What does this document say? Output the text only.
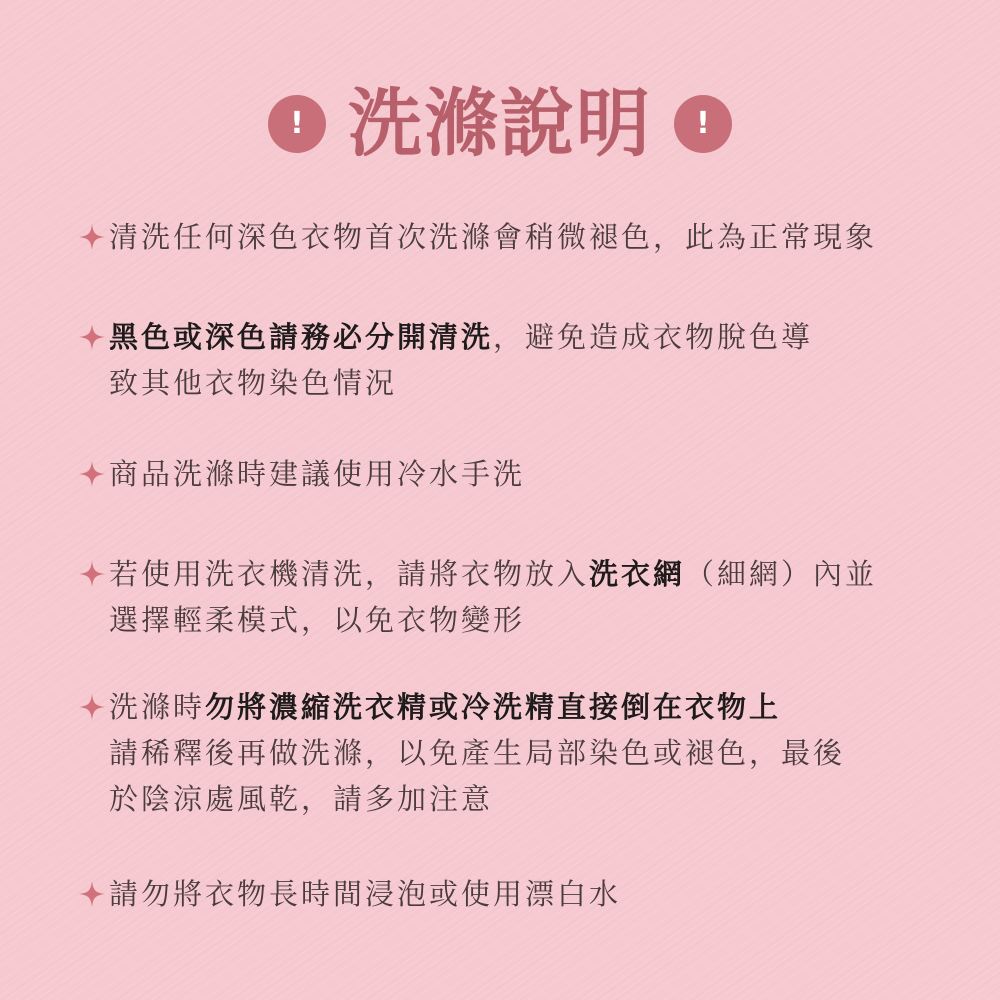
! 洗滌說明 !
清洗任何深色衣物首次洗滌會稍微褪色，此為正常現象
黑色或深色請務必分開清洗，避免造成衣物脫色導
致其他衣物染色情況
商品洗滌時建議使用冷水手洗
若使用洗衣機清洗，請將衣物放入洗衣網（細網）內並
選擇輕柔模式，以免衣物變形
洗滌時勿將濃縮洗衣精或冷洗精直接倒在衣物上
請稀釋後再做洗滌，以免產生局部染色或褪色，最後
於陰涼處風乾，請多加注意
請勿將衣物長時間浸泡或使用漂白水
